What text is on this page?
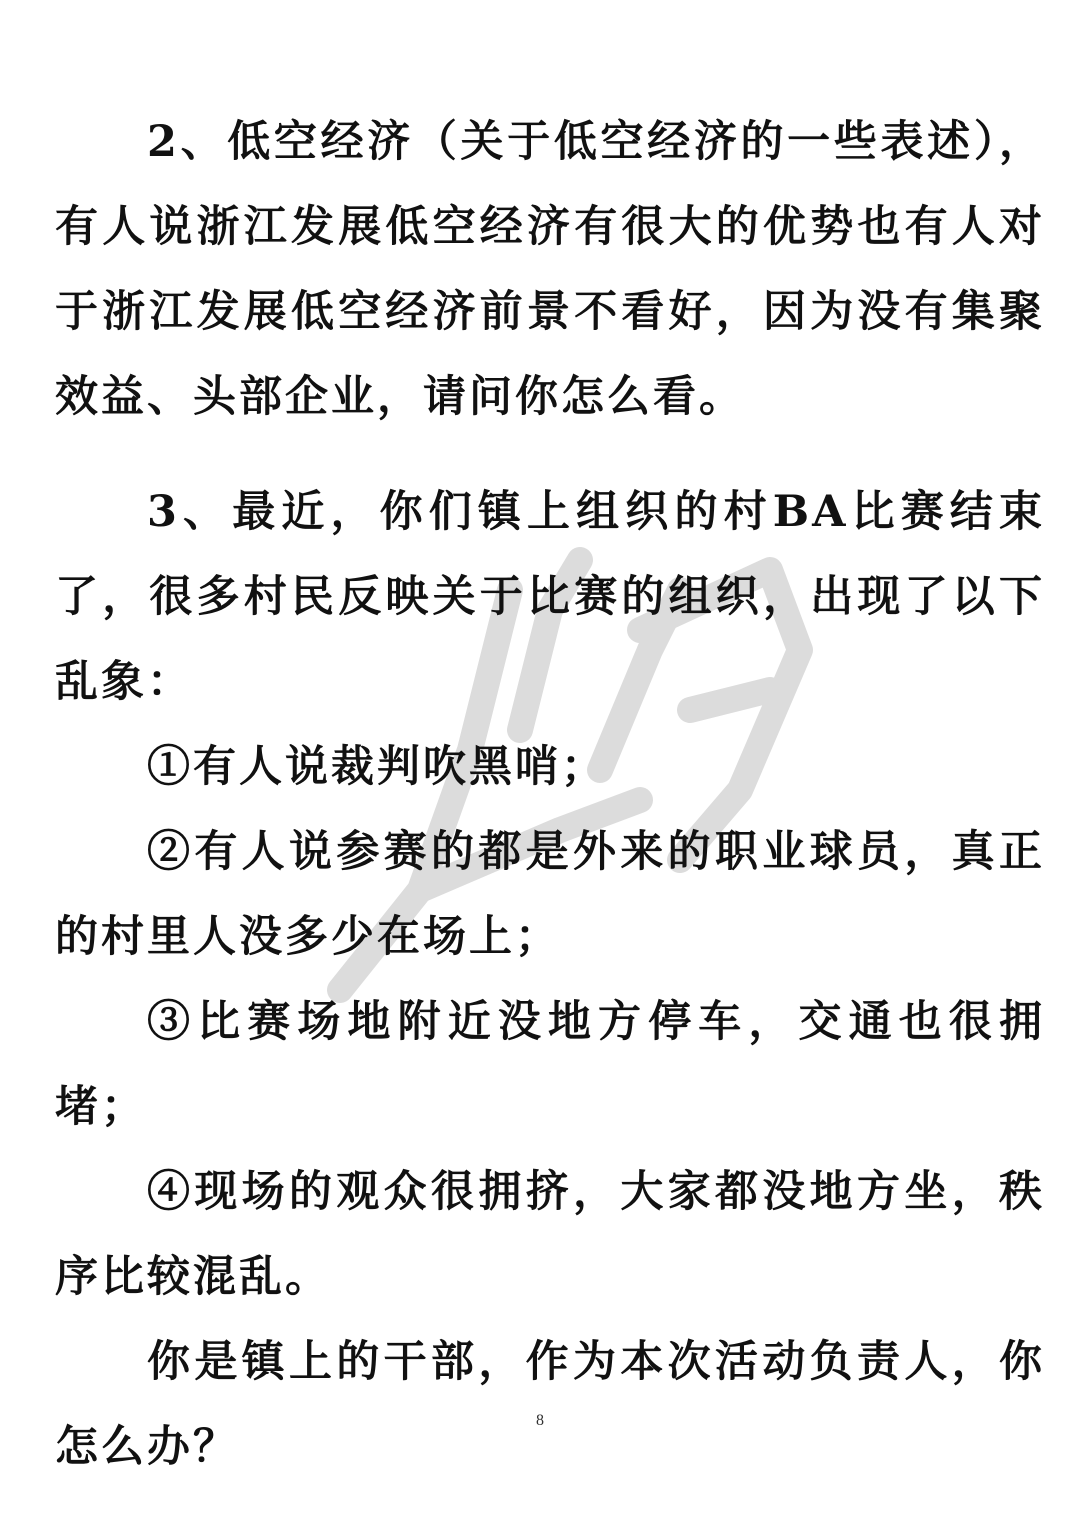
2、低空经济（关于低空经济的一些表述），有人说浙江发展低空经济有很大的优势也有人对于浙江发展低空经济前景不看好，因为没有集聚效益、头部企业，请问你怎么看。

3、最近，你们镇上组织的村BA比赛结束了，很多村民反映关于比赛的组织，出现了以下乱象：

①有人说裁判吹黑哨；

②有人说参赛的都是外来的职业球员，真正的村里人没多少在场上；

③比赛场地附近没地方停车，交通也很拥堵；

④现场的观众很拥挤，大家都没地方坐，秩序比较混乱。

你是镇上的干部，作为本次活动负责人，你怎么办？

8
